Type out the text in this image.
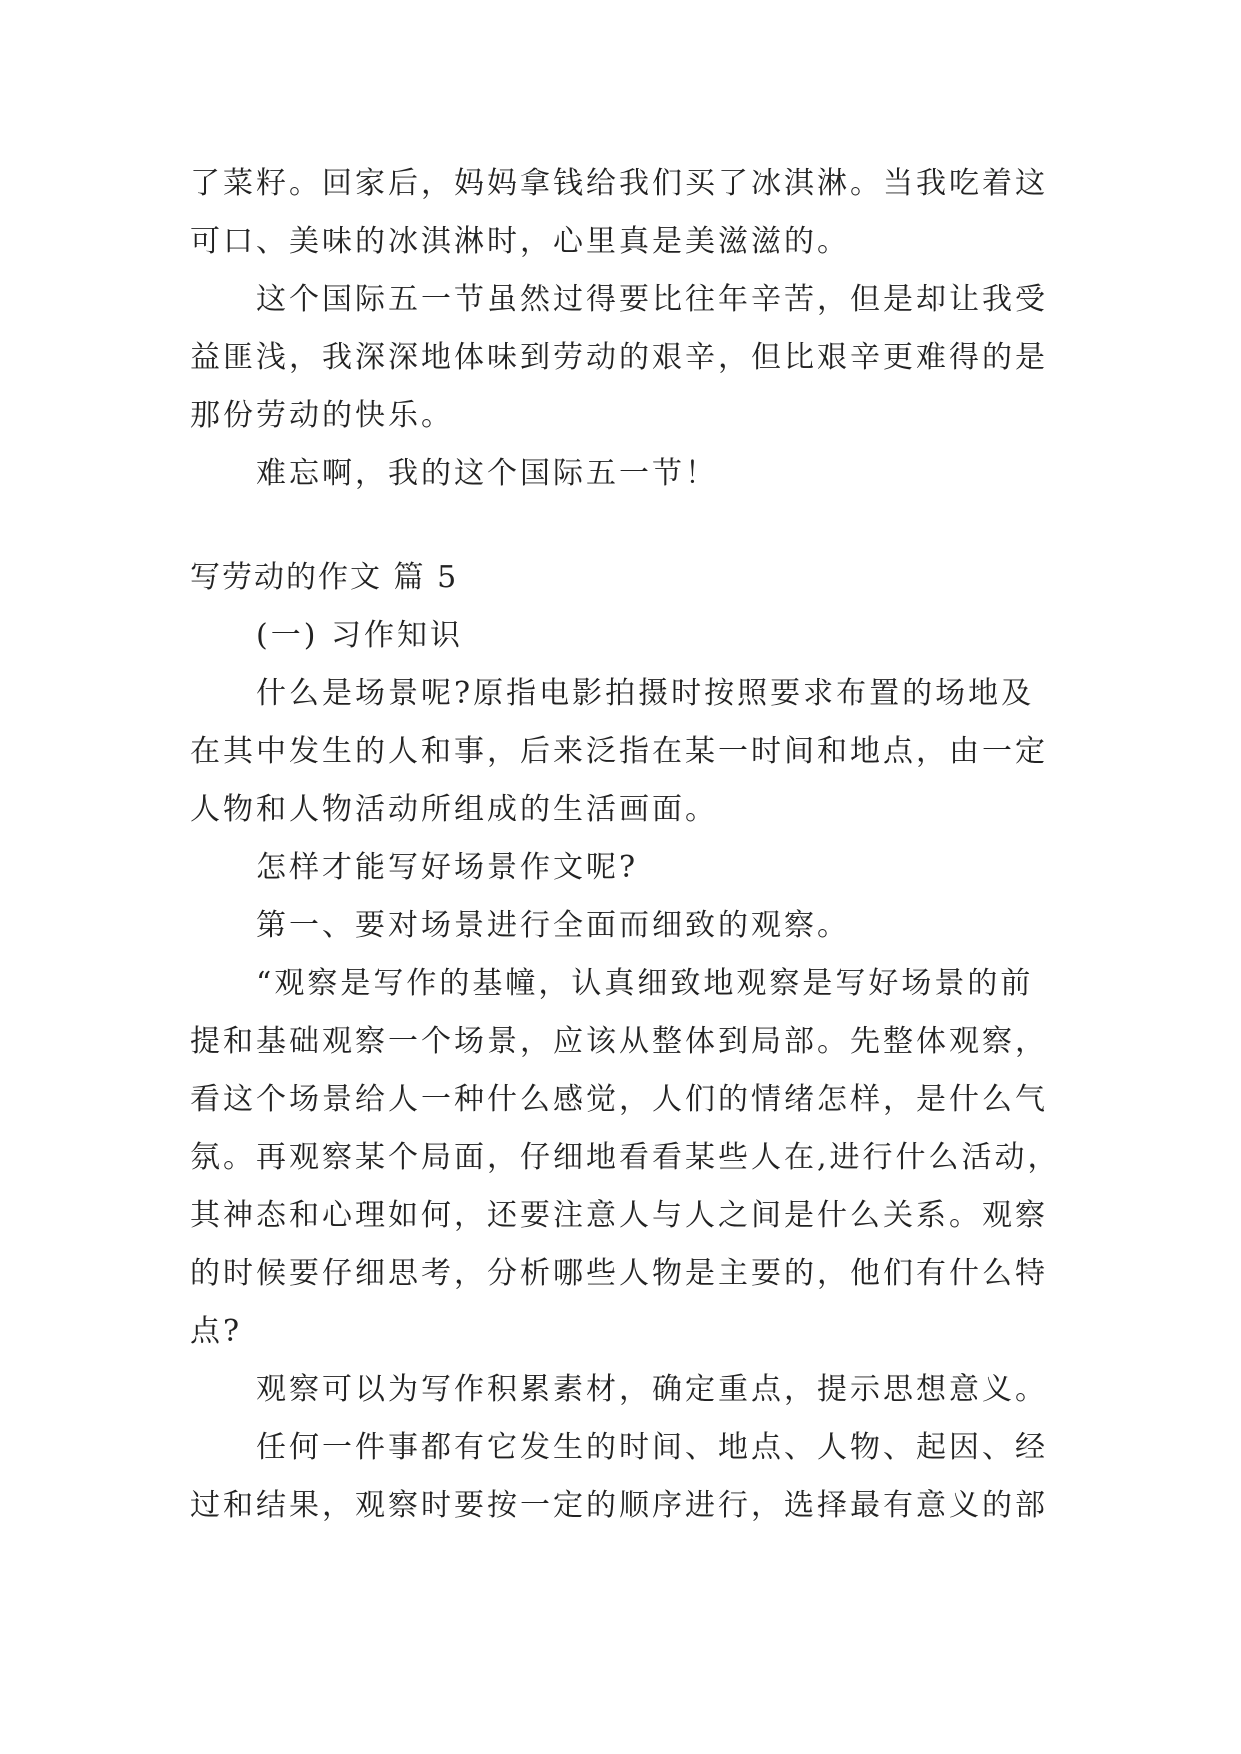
了菜籽。回家后，妈妈拿钱给我们买了冰淇淋。当我吃着这
可口、美味的冰淇淋时，心里真是美滋滋的。
这个国际五一节虽然过得要比往年辛苦，但是却让我受
益匪浅，我深深地体味到劳动的艰辛，但比艰辛更难得的是
那份劳动的快乐。
难忘啊，我的这个国际五一节！
写劳动的作文 篇 5
(一) 习作知识
什么是场景呢?原指电影拍摄时按照要求布置的场地及
在其中发生的人和事，后来泛指在某一时间和地点，由一定
人物和人物活动所组成的生活画面。
怎样才能写好场景作文呢?
第一、要对场景进行全面而细致的观察。
“观察是写作的基幢，认真细致地观察是写好场景的前
提和基础观察一个场景，应该从整体到局部。先整体观察，
看这个场景给人一种什么感觉，人们的情绪怎样，是什么气
氛。再观察某个局面，仔细地看看某些人在,进行什么活动，
其神态和心理如何，还要注意人与人之间是什么关系。观察
的时候要仔细思考，分析哪些人物是主要的，他们有什么特
点?
观察可以为写作积累素材，确定重点，提示思想意义。
任何一件事都有它发生的时间、地点、人物、起因、经
过和结果，观察时要按一定的顺序进行，选择最有意义的部
